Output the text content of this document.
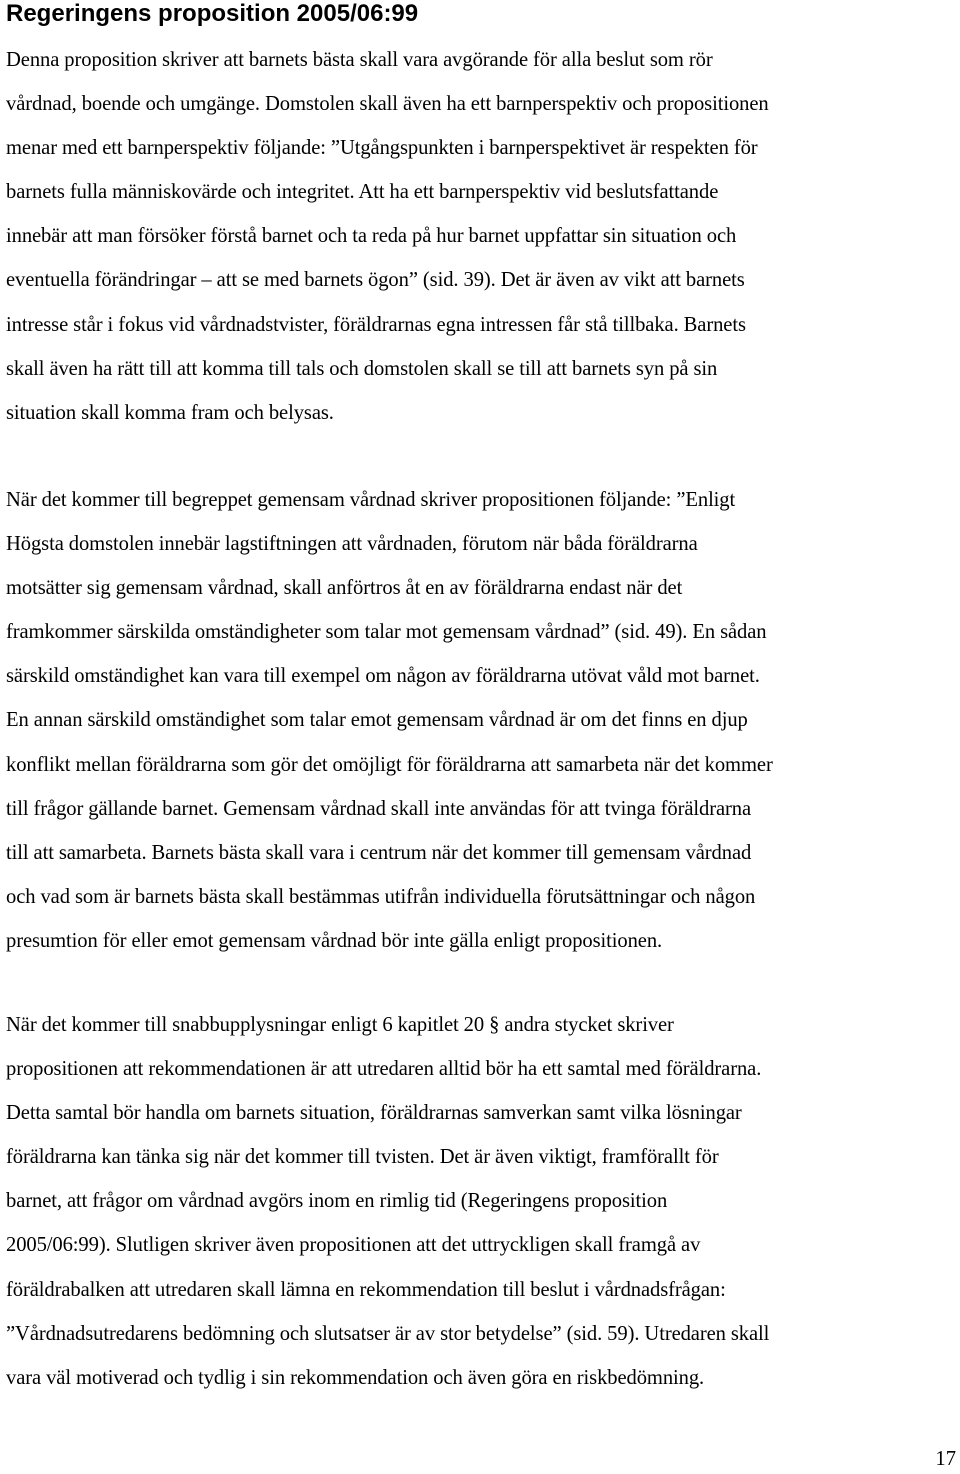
Regeringens proposition 2005/06:99
Denna proposition skriver att barnets bästa skall vara avgörande för alla beslut som rör
vårdnad, boende och umgänge. Domstolen skall även ha ett barnperspektiv och propositionen
menar med ett barnperspektiv följande: ”Utgångspunkten i barnperspektivet är respekten för
barnets fulla människovärde och integritet. Att ha ett barnperspektiv vid beslutsfattande
innebär att man försöker förstå barnet och ta reda på hur barnet uppfattar sin situation och
eventuella förändringar – att se med barnets ögon” (sid. 39). Det är även av vikt att barnets
intresse står i fokus vid vårdnadstvister, föräldrarnas egna intressen får stå tillbaka. Barnets
skall även ha rätt till att komma till tals och domstolen skall se till att barnets syn på sin
situation skall komma fram och belysas.
När det kommer till begreppet gemensam vårdnad skriver propositionen följande: ”Enligt
Högsta domstolen innebär lagstiftningen att vårdnaden, förutom när båda föräldrarna
motsätter sig gemensam vårdnad, skall anförtros åt en av föräldrarna endast när det
framkommer särskilda omständigheter som talar mot gemensam vårdnad” (sid. 49). En sådan
särskild omständighet kan vara till exempel om någon av föräldrarna utövat våld mot barnet.
En annan särskild omständighet som talar emot gemensam vårdnad är om det finns en djup
konflikt mellan föräldrarna som gör det omöjligt för föräldrarna att samarbeta när det kommer
till frågor gällande barnet. Gemensam vårdnad skall inte användas för att tvinga föräldrarna
till att samarbeta. Barnets bästa skall vara i centrum när det kommer till gemensam vårdnad
och vad som är barnets bästa skall bestämmas utifrån individuella förutsättningar och någon
presumtion för eller emot gemensam vårdnad bör inte gälla enligt propositionen.
När det kommer till snabbupplysningar enligt 6 kapitlet 20 § andra stycket skriver
propositionen att rekommendationen är att utredaren alltid bör ha ett samtal med föräldrarna.
Detta samtal bör handla om barnets situation, föräldrarnas samverkan samt vilka lösningar
föräldrarna kan tänka sig när det kommer till tvisten. Det är även viktigt, framförallt för
barnet, att frågor om vårdnad avgörs inom en rimlig tid (Regeringens proposition
2005/06:99). Slutligen skriver även propositionen att det uttryckligen skall framgå av
föräldrabalken att utredaren skall lämna en rekommendation till beslut i vårdnadsfrågan:
”Vårdnadsutredarens bedömning och slutsatser är av stor betydelse” (sid. 59). Utredaren skall
vara väl motiverad och tydlig i sin rekommendation och även göra en riskbedömning.
17
